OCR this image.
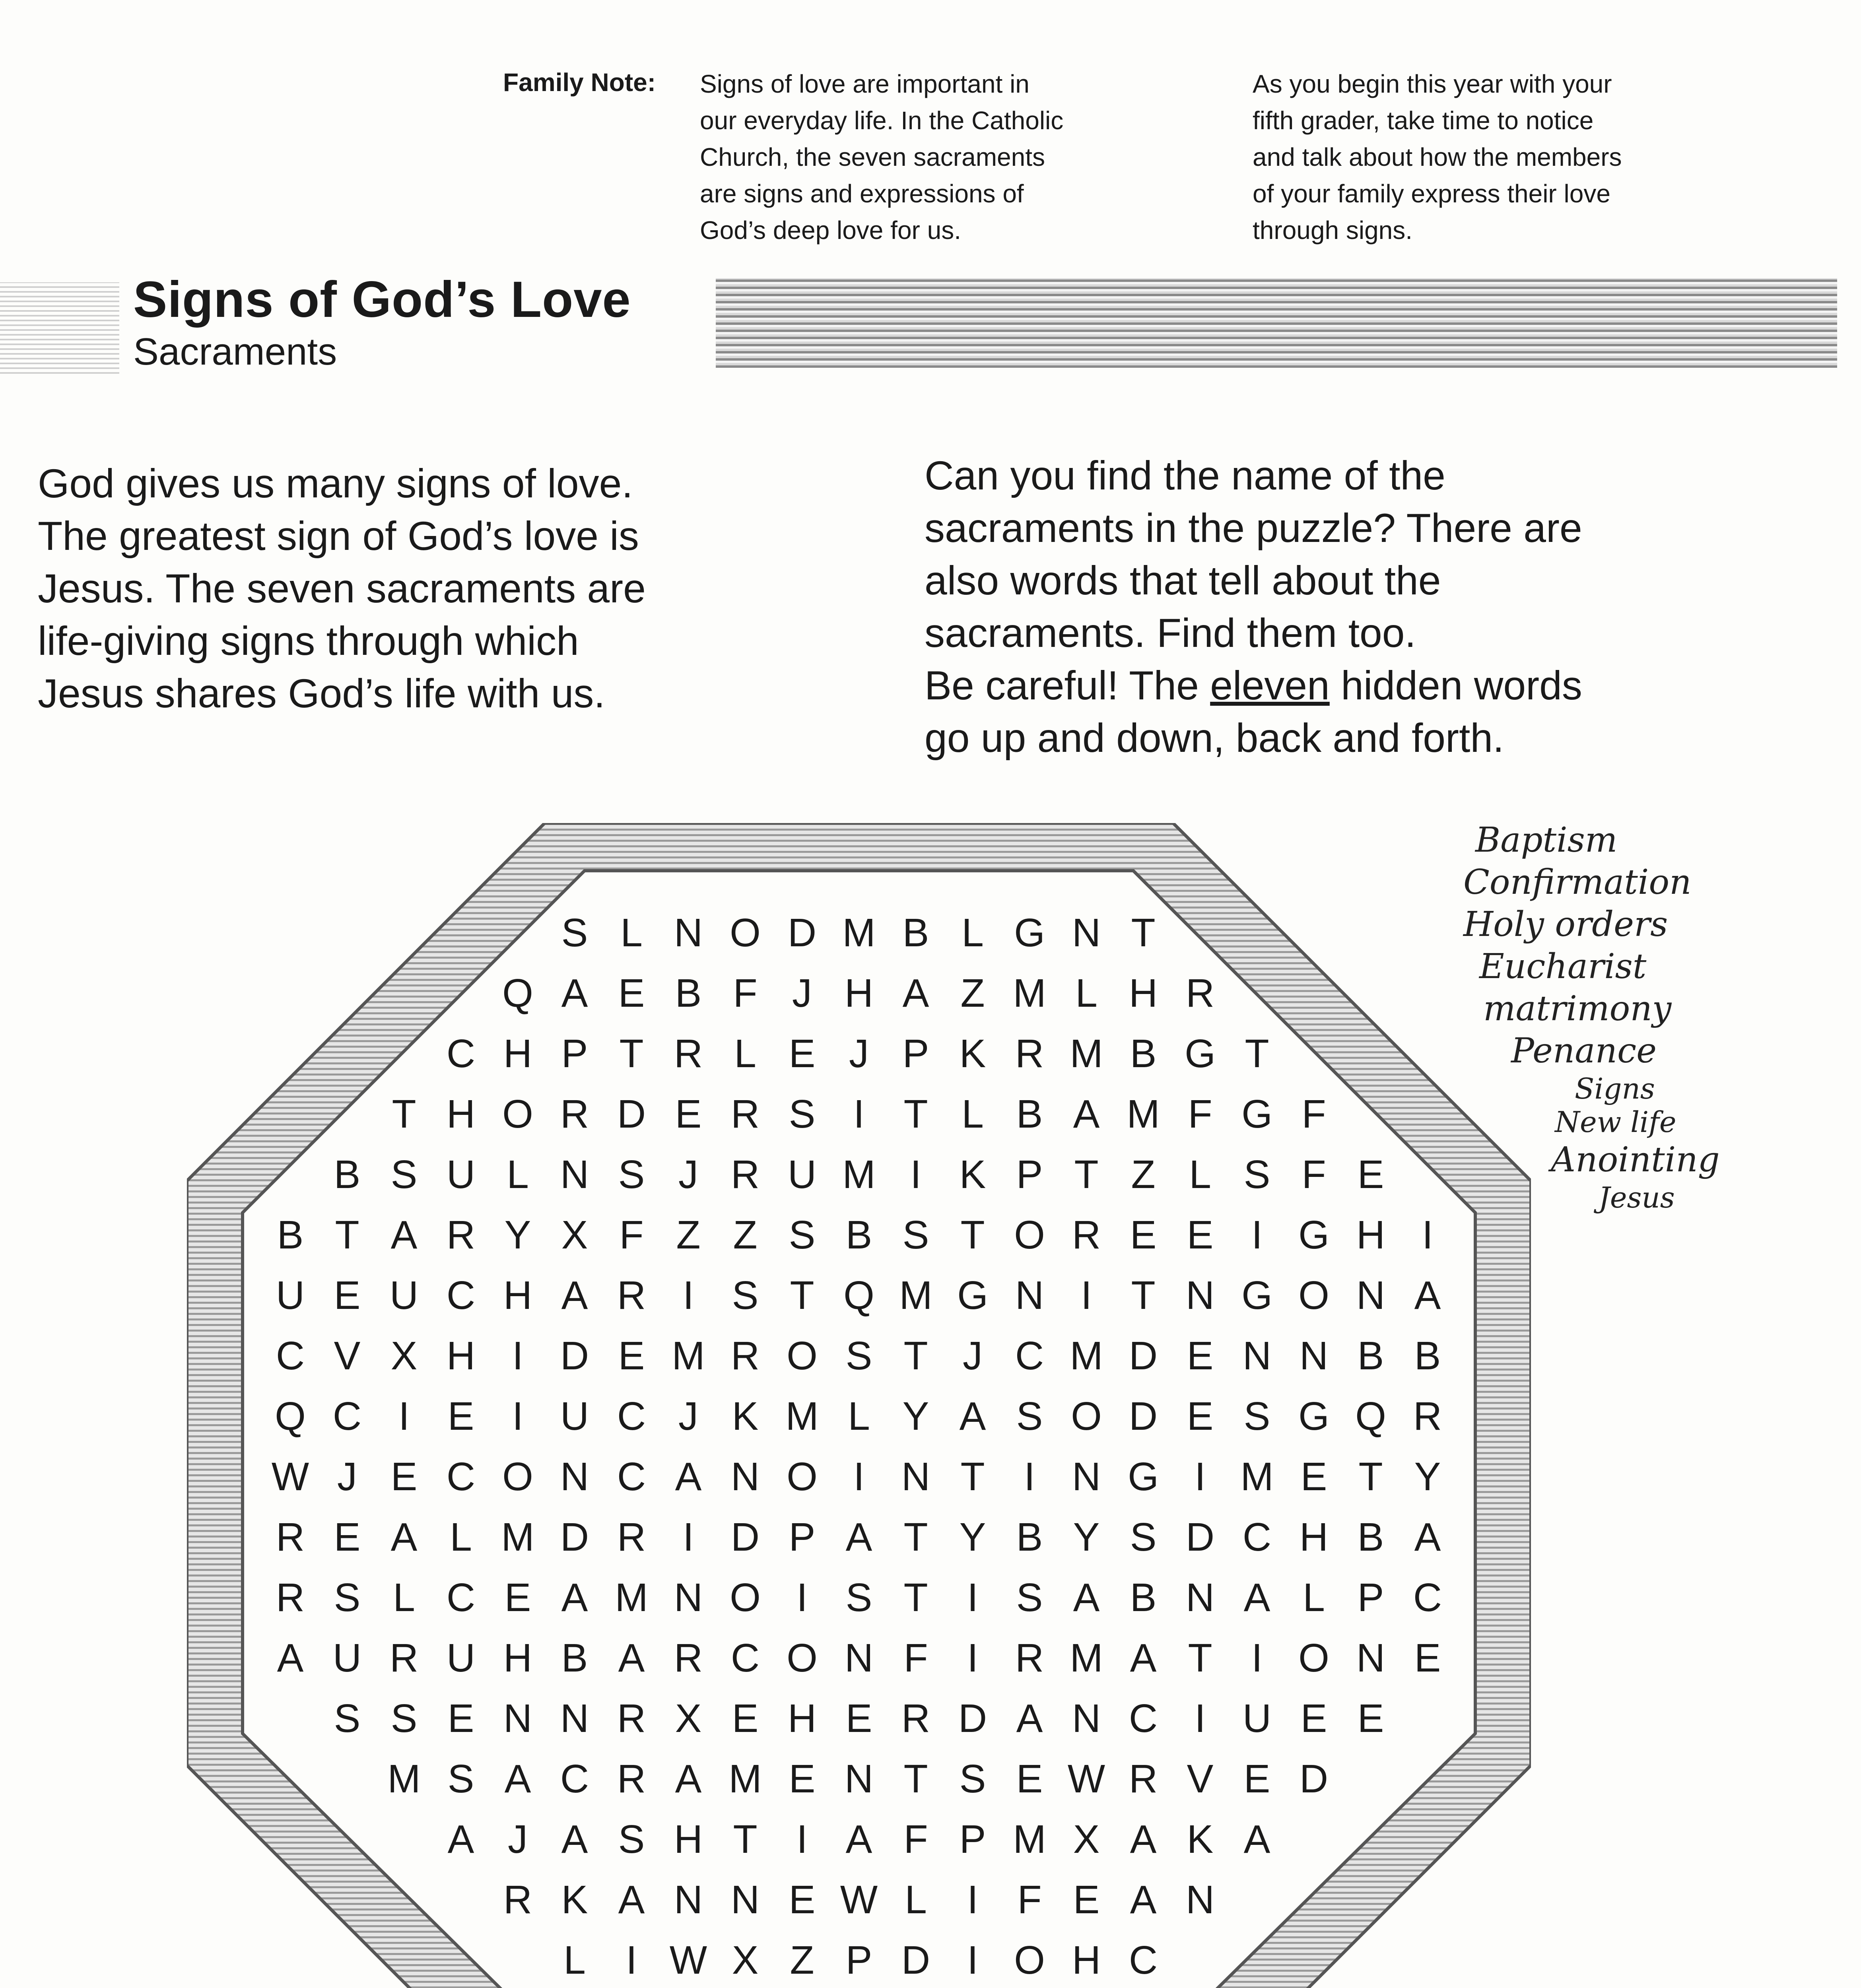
Family Note: Signs of love are important in
our everyday life. In the Catholic
Church, the seven sacraments
are signs and expressions of
God’s deep love for us.
As you begin this year with your
fifth grader, take time to notice
and talk about how the members
of your family express their love
through signs.
Signs of God’s Love
Sacraments
God gives us many signs of love.
The greatest sign of God’s love is
Jesus. The seven sacraments are
life-giving signs through which
Jesus shares God’s life with us.
Can you find the name of the
sacraments in the puzzle? There are
also words that tell about the
sacraments. Find them too.
Be careful! The eleven hidden words
go up and down, back and forth.
S L N O D M B L G N T
Q A E B F J H A Z M L H R
C H P T R L E J P K R M B G T
T H O R D E R S I T L B A M F G F
B S U L N S J R U M I K P T Z L S F E
B T A R Y X F Z Z S B S T O R E E I G H I
U E U C H A R I S T Q M G N I T N G O N A
C V X H I D E M R O S T J C M D E N N B B
Q C I E I U C J K M L Y A S O D E S G Q R
W J E C O N C A N O I N T I N G I M E T Y
R E A L M D R I D P A T Y B Y S D C H B A
R S L C E A M N O I S T I S A B N A L P C
A U R U H B A R C O N F I R M A T I O N E
S S E N N R X E H E R D A N C I U E E
M S A C R A M E N T S E W R V E D
A J A S H T I A F P M X A K A
R K A N N E W L	I F E A N
L	I W X Z P D I O H C
Baptism
Confirmation
Holy orders
Eucharist
matrimony
Penance
Signs
New life
Anointing
Jesus
